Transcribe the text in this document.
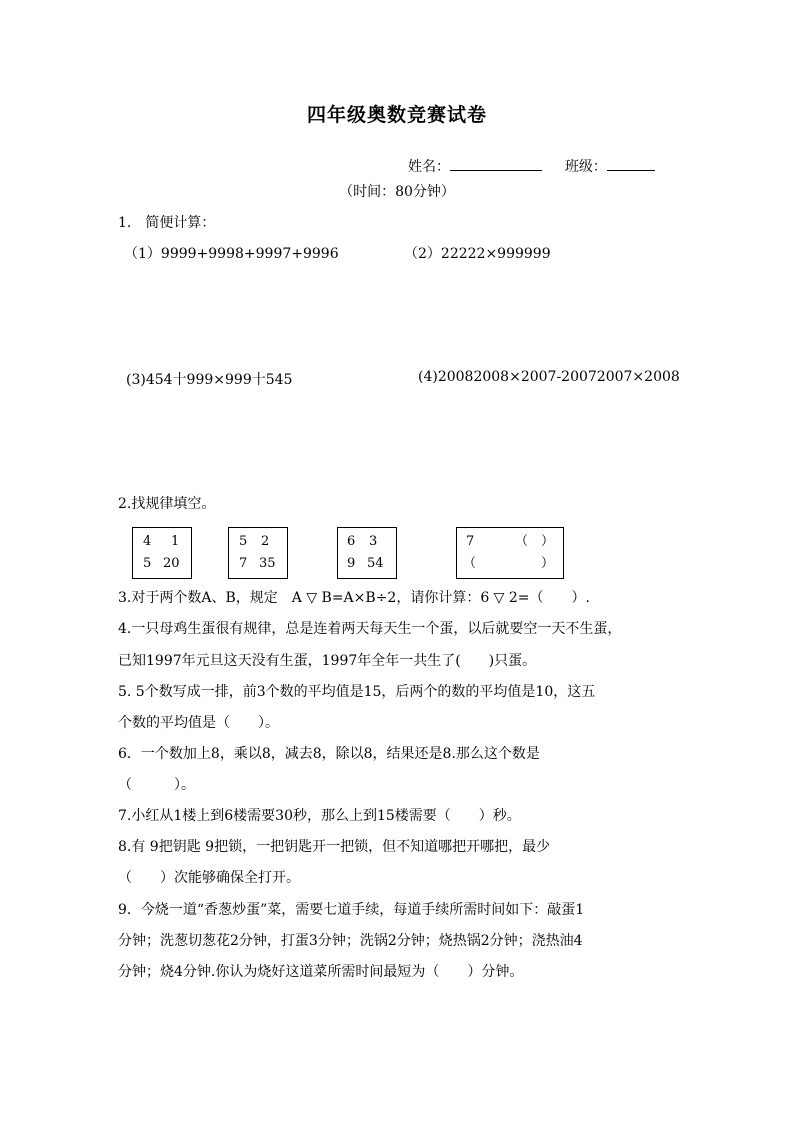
四年级奥数竞赛试卷
姓名：	班级：
（时间：80分钟）
1.　简便计算：
（1）9999+9998+9997+9996	（2）22222×999999
(3)454十999×999十545	(4)20082008×2007-20072007×2008
2.找规律填空。
4 1
5 20
5 2
7 35
6 3
9 54
7	（　）
（	）
3.对于两个数A、B，规定　A ▽ B=A×B÷2，请你计算：6 ▽ 2=（　　）.
4.一只母鸡生蛋很有规律，总是连着两天每天生一个蛋，以后就要空一天不生蛋，
已知1997年元旦这天没有生蛋，1997年全年一共生了(　　)只蛋。
5. 5个数写成一排，前3个数的平均值是15，后两个的数的平均值是10，这五
个数的平均值是（　　）。
6．一个数加上8，乘以8，减去8，除以8，结果还是8.那么这个数是
（　　　）。
7.小红从1楼上到6楼需要30秒，那么上到15楼需要（　　）秒。
8.有 9把钥匙 9把锁，一把钥匙开一把锁，但不知道哪把开哪把，最少
（　　）次能够确保全打开。
9．今烧一道“香葱炒蛋”菜，需要七道手续，每道手续所需时间如下：敲蛋1
分钟；洗葱切葱花2分钟，打蛋3分钟；洗锅2分钟；烧热锅2分钟；浇热油4
分钟；烧4分钟.你认为烧好这道菜所需时间最短为（　　）分钟。
